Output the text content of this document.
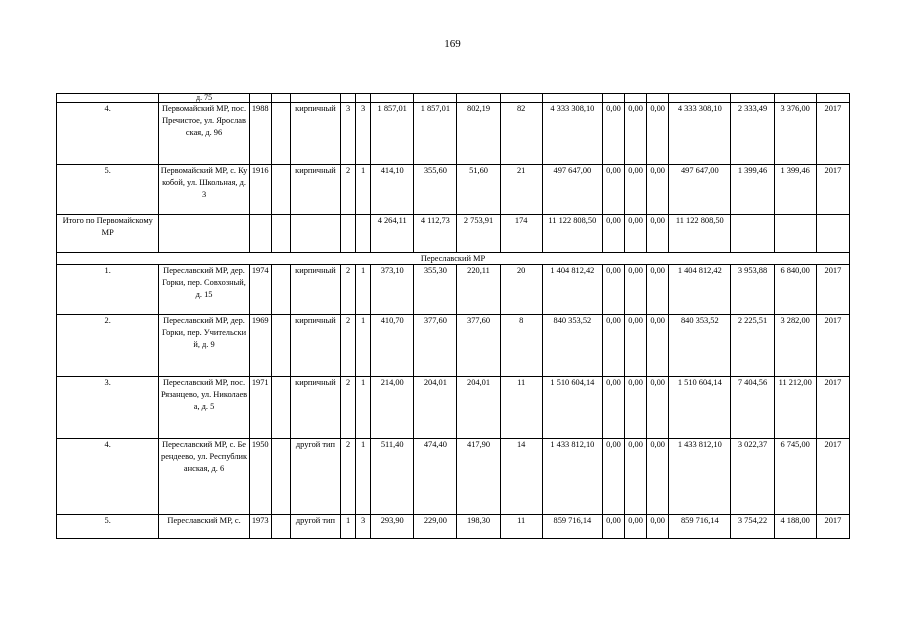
169
	д. 75																	
4.	Первомайский МР, пос. Пречистое, ул. Ярославская, д. 96	1988		кирпичный	3	3	1 857,01	1 857,01	802,19	82	4 333 308,10	0,00	0,00	0,00	4 333 308,10	2 333,49	3 376,00	2017
5.	Первомайский МР, с. Кукобой, ул. Школьная, д. 3	1916		кирпичный	2	1	414,10	355,60	51,60	21	497 647,00	0,00	0,00	0,00	497 647,00	1 399,46	1 399,46	2017
Итого по Первомайскому МР							4 264,11	4 112,73	2 753,91	174	11 122 808,50	0,00	0,00	0,00	11 122 808,50			
Переславский МР																		
1.	Переславский МР, дер. Горки, пер. Совхозный, д. 15	1974		кирпичный	2	1	373,10	355,30	220,11	20	1 404 812,42	0,00	0,00	0,00	1 404 812,42	3 953,88	6 840,00	2017
2.	Переславский МР, дер. Горки, пер. Учительский, д. 9	1969		кирпичный	2	1	410,70	377,60	377,60	8	840 353,52	0,00	0,00	0,00	840 353,52	2 225,51	3 282,00	2017
3.	Переславский МР, пос. Рязанцево, ул. Николаева, д. 5	1971		кирпичный	2	1	214,00	204,01	204,01	11	1 510 604,14	0,00	0,00	0,00	1 510 604,14	7 404,56	11 212,00	2017
4.	Переславский МР, с. Берендеево, ул. Республиканская, д. 6	1950		другой тип	2	1	511,40	474,40	417,90	14	1 433 812,10	0,00	0,00	0,00	1 433 812,10	3 022,37	6 745,00	2017
5.	Переславский МР, с.	1973		другой тип	1	3	293,90	229,00	198,30	11	859 716,14	0,00	0,00	0,00	859 716,14	3 754,22	4 188,00	2017
